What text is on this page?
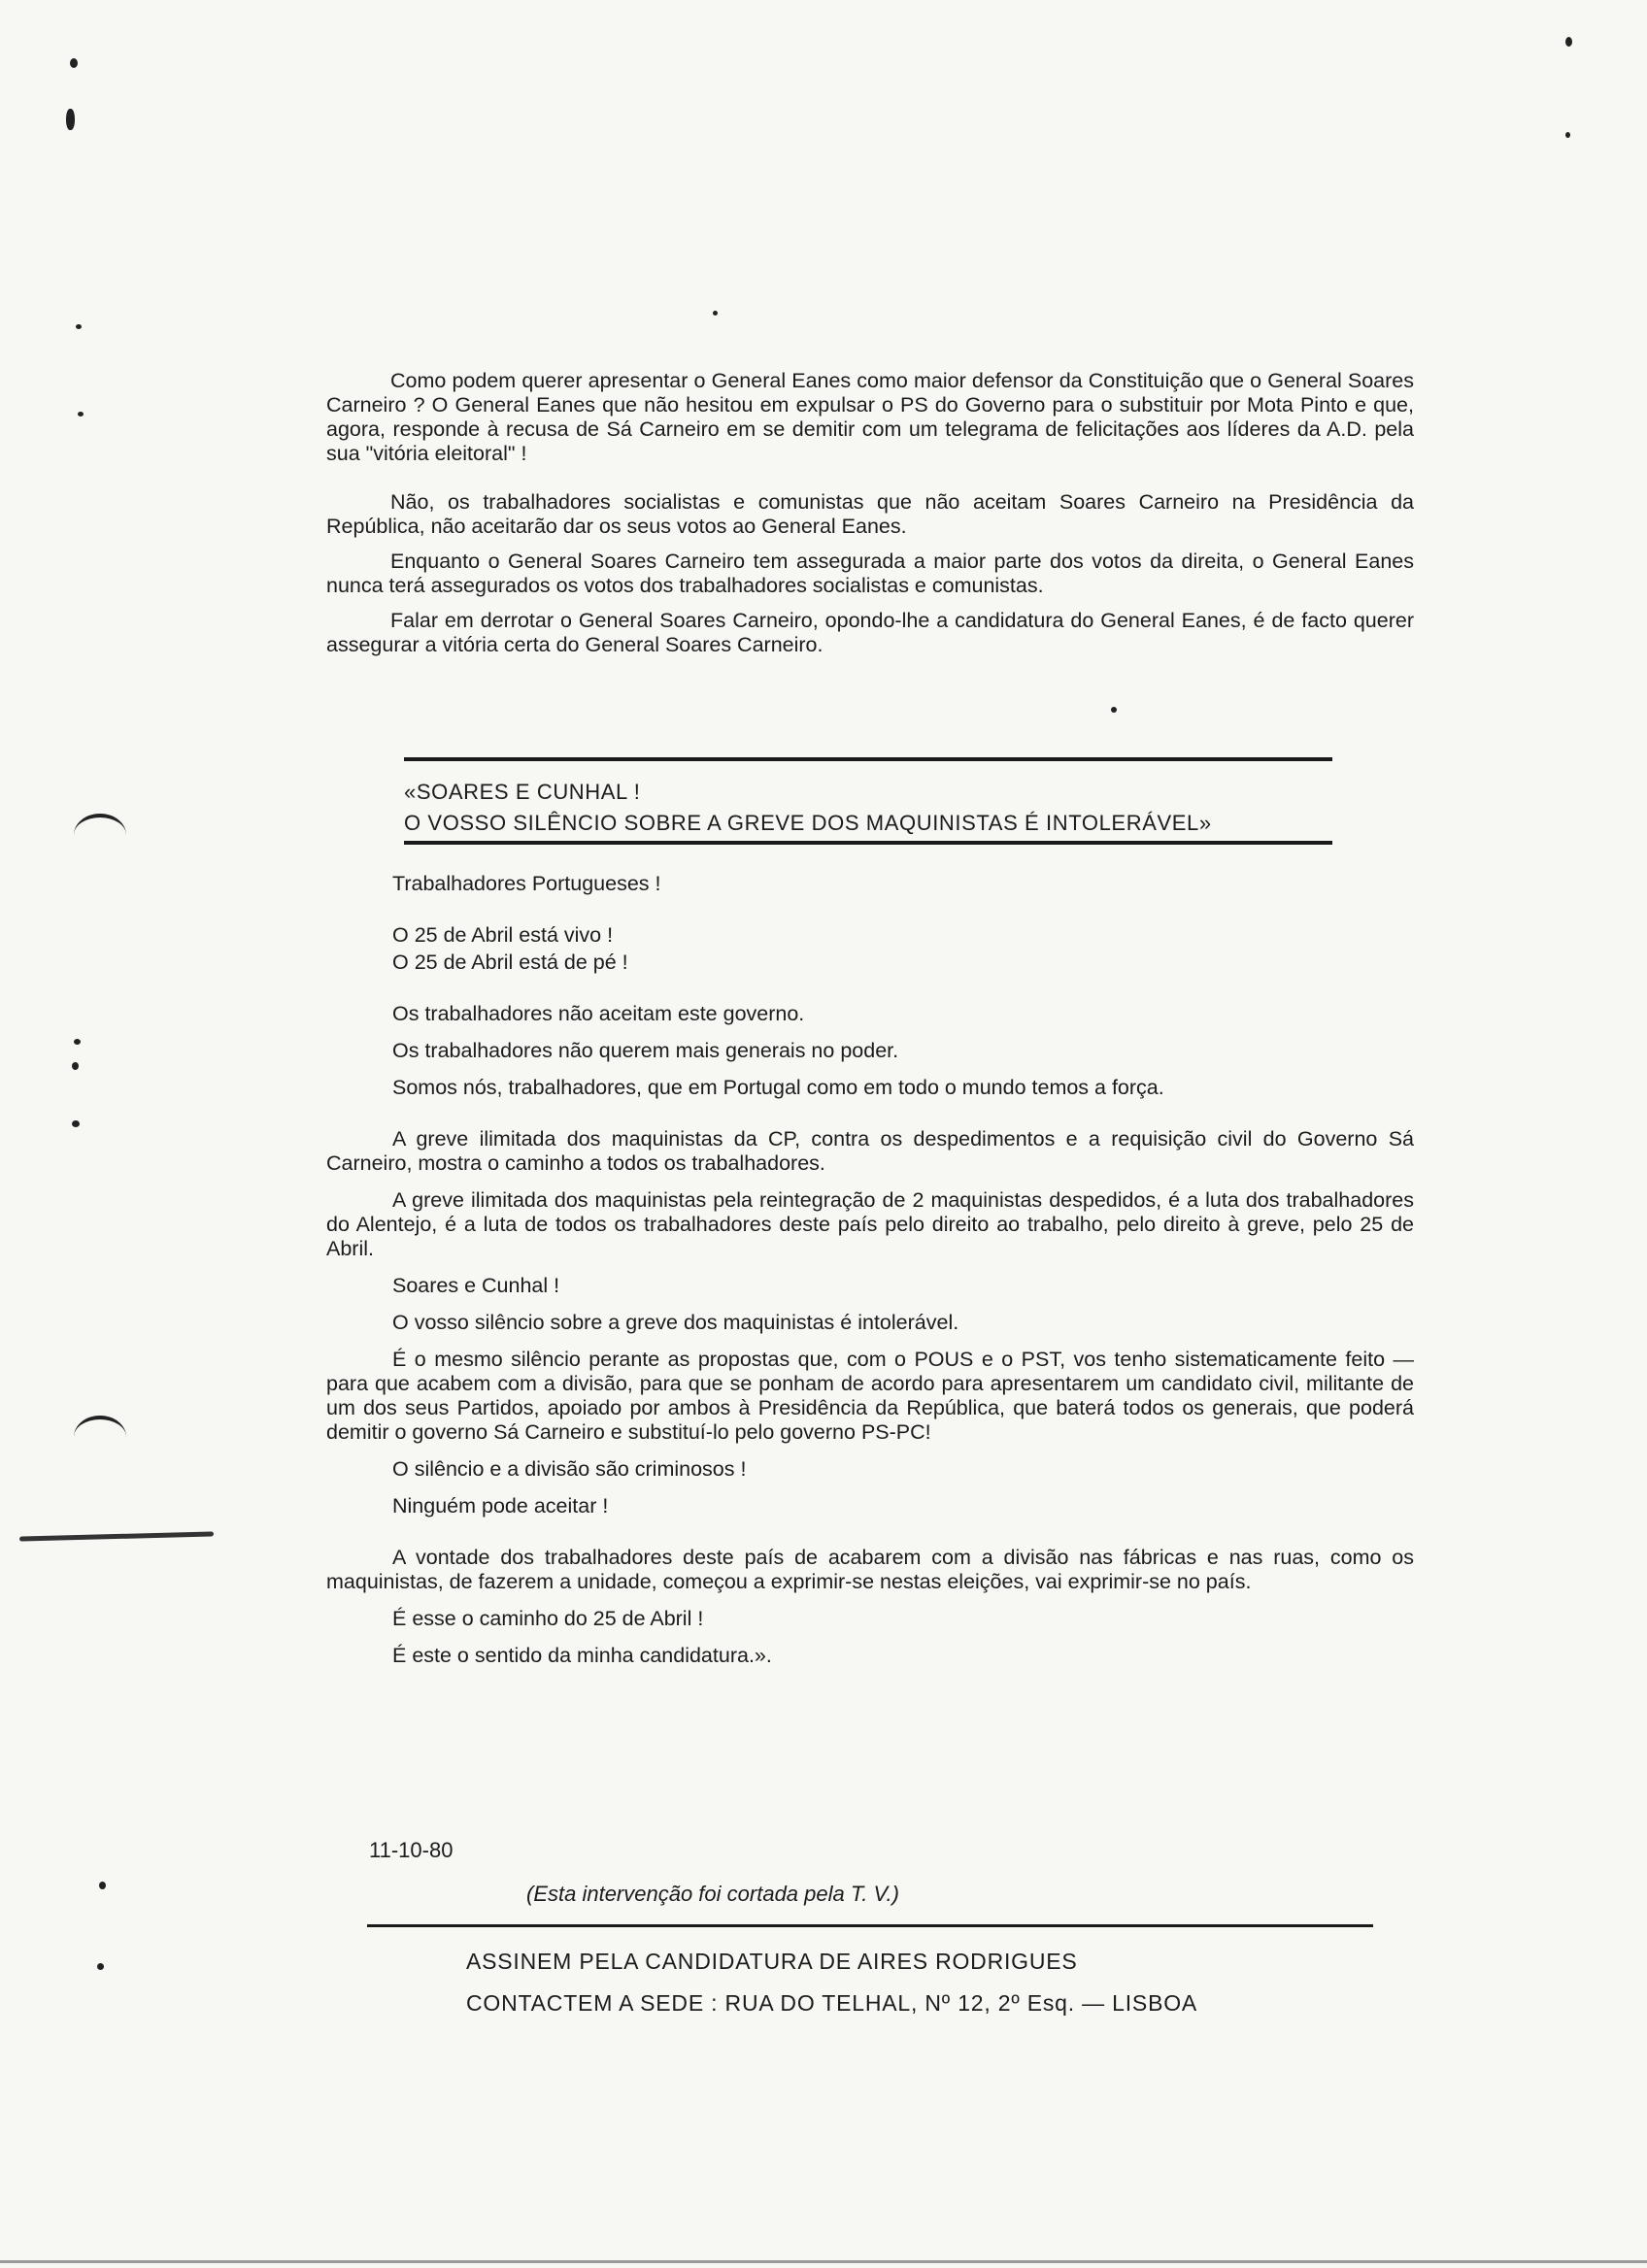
Como podem querer apresentar o General Eanes como maior defensor da Constituição que o General Soares Carneiro ? O General Eanes que não hesitou em expulsar o PS do Governo para o substituir por Mota Pinto e que, agora, responde à recusa de Sá Carneiro em se demitir com um telegrama de felicitações aos líderes da A.D. pela sua "vitória eleitoral" !

Não, os trabalhadores socialistas e comunistas que não aceitam Soares Carneiro na Presidência da República, não aceitarão dar os seus votos ao General Eanes.

Enquanto o General Soares Carneiro tem assegurada a maior parte dos votos da direita, o General Eanes nunca terá assegurados os votos dos trabalhadores socialistas e comunistas.

Falar em derrotar o General Soares Carneiro, opondo-lhe a candidatura do General Eanes, é de facto querer assegurar a vitória certa do General Soares Carneiro.

«SOARES E CUNHAL !
O VOSSO SILÊNCIO SOBRE A GREVE DOS MAQUINISTAS É INTOLERÁVEL»

Trabalhadores Portugueses !

O 25 de Abril está vivo !

O 25 de Abril está de pé !

Os trabalhadores não aceitam este governo.

Os trabalhadores não querem mais generais no poder.

Somos nós, trabalhadores, que em Portugal como em todo o mundo temos a força.

A greve ilimitada dos maquinistas da CP, contra os despedimentos e a requisição civil do Governo Sá Carneiro, mostra o caminho a todos os trabalhadores.

A greve ilimitada dos maquinistas pela reintegração de 2 maquinistas despedidos, é a luta dos trabalhadores do Alentejo, é a luta de todos os trabalhadores deste país pelo direito ao trabalho, pelo direito à greve, pelo 25 de Abril.

Soares e Cunhal !

O vosso silêncio sobre a greve dos maquinistas é intolerável.

É o mesmo silêncio perante as propostas que, com o POUS e o PST, vos tenho sistematicamente feito — para que acabem com a divisão, para que se ponham de acordo para apresentarem um candidato civil, militante de um dos seus Partidos, apoiado por ambos à Presidência da República, que baterá todos os generais, que poderá demitir o governo Sá Carneiro e substituí-lo pelo governo PS-PC!

O silêncio e a divisão são criminosos !

Ninguém pode aceitar !

A vontade dos trabalhadores deste país de acabarem com a divisão nas fábricas e nas ruas, como os maquinistas, de fazerem a unidade, começou a exprimir-se nestas eleições, vai exprimir-se no país.

É esse o caminho do 25 de Abril !

É este o sentido da minha candidatura.».

11-10-80
(Esta intervenção foi cortada pela T. V.)
ASSINEM PELA CANDIDATURA DE AIRES RODRIGUES
CONTACTEM A SEDE : RUA DO TELHAL, Nº 12, 2º Esq. — LISBOA
